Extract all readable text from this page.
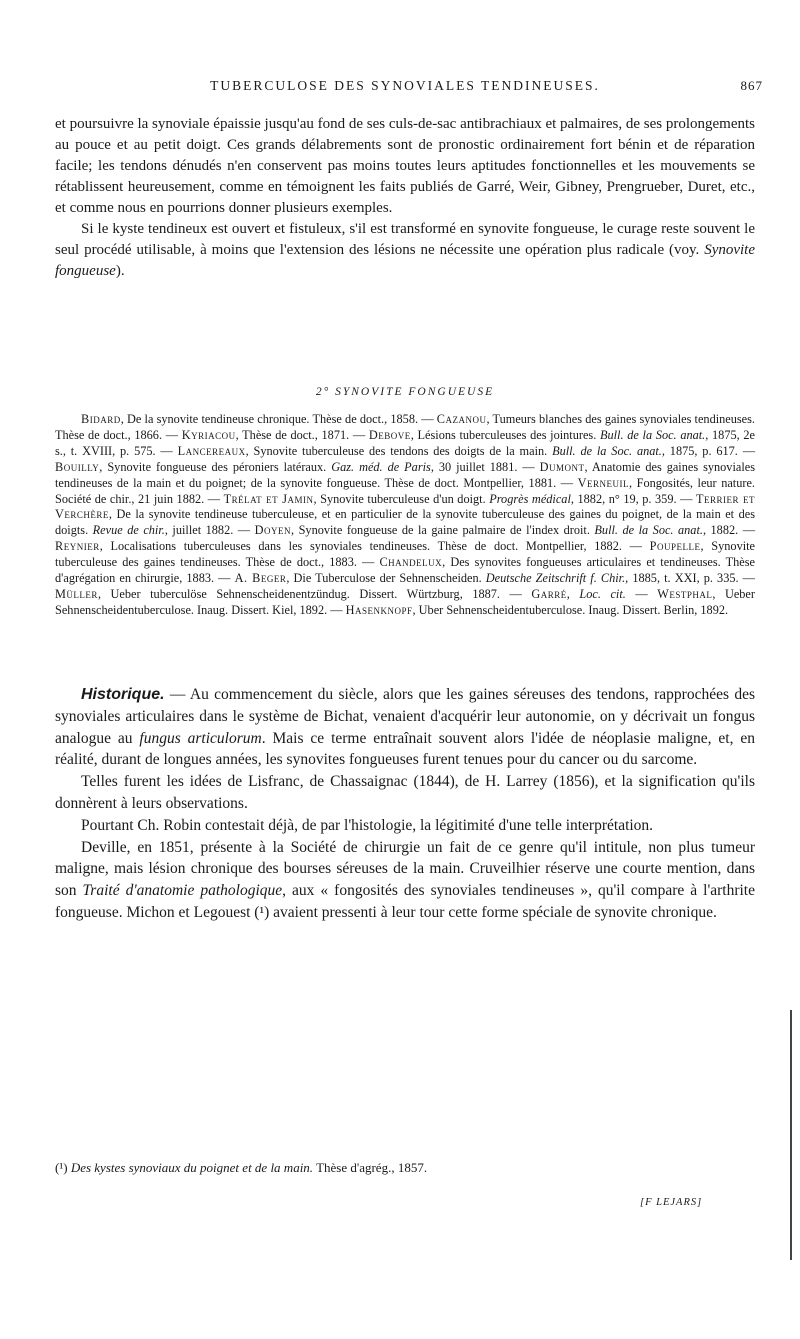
TUBERCULOSE DES SYNOVIALES TENDINEUSES.	867

et poursuivre la synoviale épaissie jusqu'au fond de ses culs-de-sac antibrachiaux et palmaires, de ses prolongements au pouce et au petit doigt. Ces grands délabrements sont de pronostic ordinairement fort bénin et de réparation facile; les tendons dénudés n'en conservent pas moins toutes leurs aptitudes fonctionnelles et les mouvements se rétablissent heureusement, comme en témoignent les faits publiés de Garré, Weir, Gibney, Prengrueber, Duret, etc., et comme nous en pourrions donner plusieurs exemples.

Si le kyste tendineux est ouvert et fistuleux, s'il est transformé en synovite fongueuse, le curage reste souvent le seul procédé utilisable, à moins que l'extension des lésions ne nécessite une opération plus radicale (voy. Synovite fongueuse).

2° SYNOVITE FONGUEUSE

Bidard, De la synovite tendineuse chronique. Thèse de doct., 1858. — Cazanou, Tumeurs blanches des gaines synoviales tendineuses. Thèse de doct., 1866. — Kyriacou, Thèse de doct., 1871. — Debove, Lésions tuberculeuses des jointures. Bull. de la Soc. anat., 1875, 2e s., t. XVIII, p. 575. — Lancereaux, Synovite tuberculeuse des tendons des doigts de la main. Bull. de la Soc. anat., 1875, p. 617. — Bouilly, Synovite fongueuse des péroniers latéraux. Gaz. méd. de Paris, 30 juillet 1881. — Dumont, Anatomie des gaines synoviales tendineuses de la main et du poignet; de la synovite fongueuse. Thèse de doct. Montpellier, 1881. — Verneuil, Fongosités, leur nature. Société de chir., 21 juin 1882. — Trélat et Jamin, Synovite tuberculeuse d'un doigt. Progrès médical, 1882, n° 19, p. 359. — Terrier et Verchère, De la synovite tendineuse tuberculeuse, et en particulier de la synovite tuberculeuse des gaines du poignet, de la main et des doigts. Revue de chir., juillet 1882. — Doyen, Synovite fongueuse de la gaine palmaire de l'index droit. Bull. de la Soc. anat., 1882. — Reynier, Localisations tuberculeuses dans les synoviales tendineuses. Thèse de doct. Montpellier, 1882. — Poupelle, Synovite tuberculeuse des gaines tendineuses. Thèse de doct., 1883. — Chandelux, Des synovites fongueuses articulaires et tendineuses. Thèse d'agrégation en chirurgie, 1883. — A. Beger, Die Tuberculose der Sehnenscheiden. Deutsche Zeitschrift f. Chir., 1885, t. XXI, p. 335. — Müller, Ueber tuberculöse Sehnenscheidenentzündug. Dissert. Würtzburg, 1887. — Garré, Loc. cit. — Westphal, Ueber Sehnenscheidentuberculose. Inaug. Dissert. Kiel, 1892. — Hasenknopf, Uber Sehnenscheidentuberculose. Inaug. Dissert. Berlin, 1892.

Historique. — Au commencement du siècle, alors que les gaines séreuses des tendons, rapprochées des synoviales articulaires dans le système de Bichat, venaient d'acquérir leur autonomie, on y décrivait un fongus analogue au fungus articulorum. Mais ce terme entraînait souvent alors l'idée de néoplasie maligne, et, en réalité, durant de longues années, les synovites fongueuses furent tenues pour du cancer ou du sarcome.

Telles furent les idées de Lisfranc, de Chassaignac (1844), de H. Larrey (1856), et la signification qu'ils donnèrent à leurs observations.

Pourtant Ch. Robin contestait déjà, de par l'histologie, la légitimité d'une telle interprétation.

Deville, en 1851, présente à la Société de chirurgie un fait de ce genre qu'il intitule, non plus tumeur maligne, mais lésion chronique des bourses séreuses de la main. Cruveilhier réserve une courte mention, dans son Traité d'anatomie pathologique, aux « fongosités des synoviales tendineuses », qu'il compare à l'arthrite fongueuse. Michon et Legouest (¹) avaient pressenti à leur tour cette forme spéciale de synovite chronique.

(¹) Des kystes synoviaux du poignet et de la main. Thèse d'agrég., 1857.

[F LEJARS]
